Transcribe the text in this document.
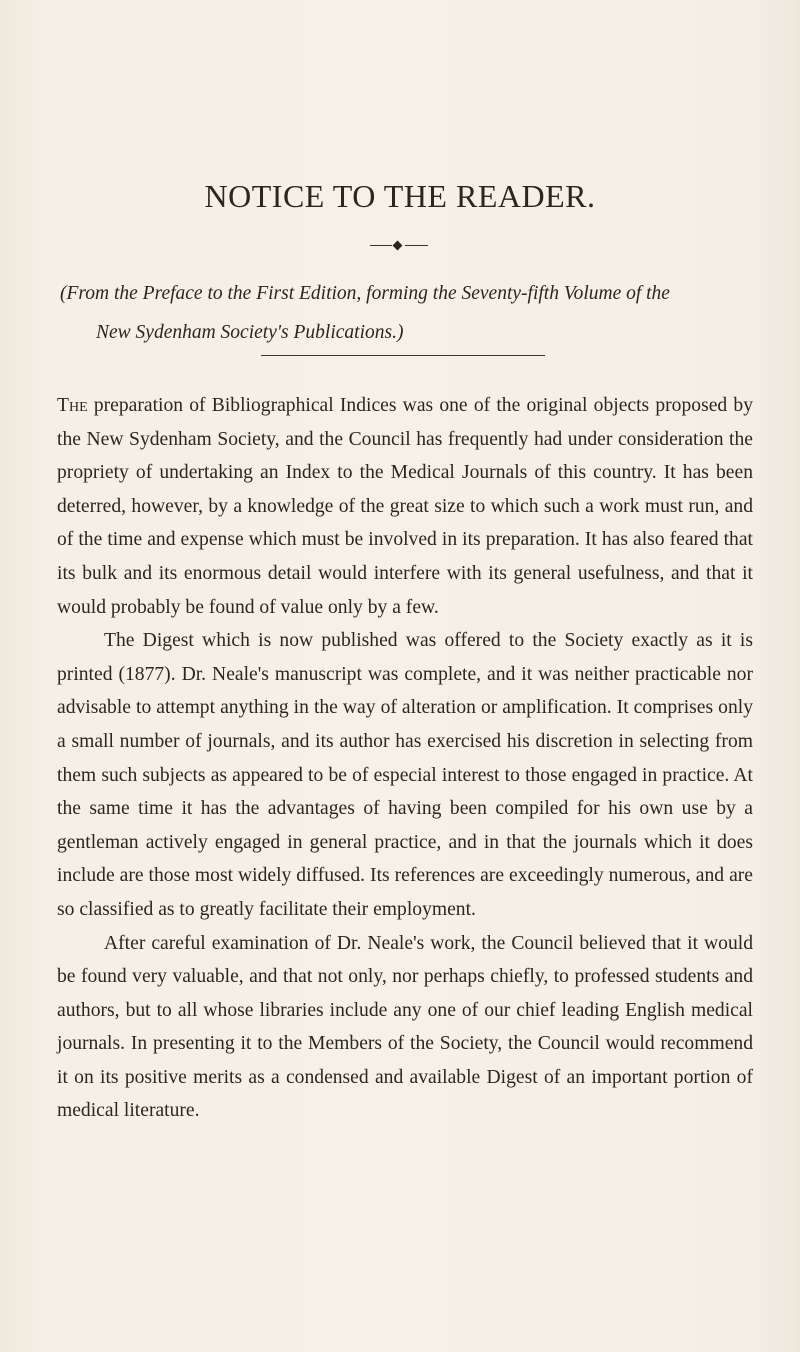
NOTICE TO THE READER.

(From the Preface to the First Edition, forming the Seventy-fifth Volume of the
New Sydenham Society's Publications.)

The preparation of Bibliographical Indices was one of the original objects proposed by the New Sydenham Society, and the Council has frequently had under consideration the propriety of undertaking an Index to the Medical Journals of this country. It has been deterred, however, by a knowledge of the great size to which such a work must run, and of the time and expense which must be involved in its preparation. It has also feared that its bulk and its enormous detail would interfere with its general usefulness, and that it would probably be found of value only by a few.

The Digest which is now published was offered to the Society exactly as it is printed (1877). Dr. Neale's manuscript was complete, and it was neither practicable nor advisable to attempt anything in the way of alteration or amplification. It comprises only a small number of journals, and its author has exercised his discretion in selecting from them such subjects as appeared to be of especial interest to those engaged in practice. At the same time it has the advantages of having been compiled for his own use by a gentleman actively engaged in general practice, and in that the journals which it does include are those most widely diffused. Its references are exceedingly numerous, and are so classified as to greatly facilitate their employment.

After careful examination of Dr. Neale's work, the Council believed that it would be found very valuable, and that not only, nor perhaps chiefly, to professed students and authors, but to all whose libraries include any one of our chief leading English medical journals. In presenting it to the Members of the Society, the Council would recommend it on its positive merits as a condensed and available Digest of an important portion of medical literature.
